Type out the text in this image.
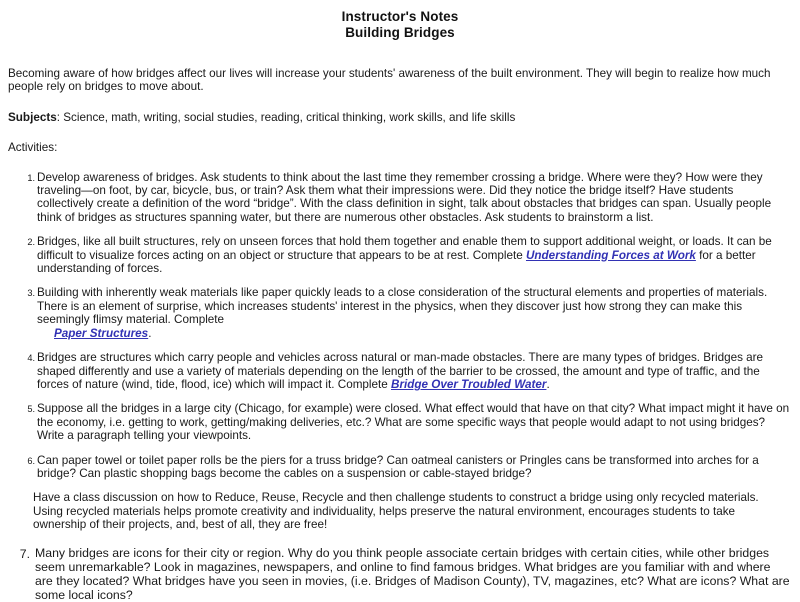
Instructor's Notes
Building Bridges

Becoming aware of how bridges affect our lives will increase your students' awareness of the built environment. They will begin to realize how much people rely on bridges to move about.

Subjects: Science, math, writing, social studies, reading, critical thinking, work skills, and life skills

Activities:

1. Develop awareness of bridges. Ask students to think about the last time they remember crossing a bridge. Where were they? How were they traveling—on foot, by car, bicycle, bus, or train? Ask them what their impressions were. Did they notice the bridge itself? Have students collectively create a definition of the word “bridge”. With the class definition in sight, talk about obstacles that bridges can span. Usually people think of bridges as structures spanning water, but there are numerous other obstacles. Ask students to brainstorm a list.
2. Bridges, like all built structures, rely on unseen forces that hold them together and enable them to support additional weight, or loads. It can be difficult to visualize forces acting on an object or structure that appears to be at rest. Complete Understanding Forces at Work for a better understanding of forces.
3. Building with inherently weak materials like paper quickly leads to a close consideration of the structural elements and properties of materials. There is an element of surprise, which increases students' interest in the physics, when they discover just how strong they can make this seemingly flimsy material. Complete
Paper Structures.
4. Bridges are structures which carry people and vehicles across natural or man-made obstacles. There are many types of bridges. Bridges are shaped differently and use a variety of materials depending on the length of the barrier to be crossed, the amount and type of traffic, and the forces of nature (wind, tide, flood, ice) which will impact it. Complete Bridge Over Troubled Water.
5. Suppose all the bridges in a large city (Chicago, for example) were closed. What effect would that have on that city? What impact might it have on the economy, i.e. getting to work, getting/making deliveries, etc.? What are some specific ways that people would adapt to not using bridges? Write a paragraph telling your viewpoints.
6. Can paper towel or toilet paper rolls be the piers for a truss bridge? Can oatmeal canisters or Pringles cans be transformed into arches for a bridge? Can plastic shopping bags become the cables on a suspension or cable-stayed bridge?
Have a class discussion on how to Reduce, Reuse, Recycle and then challenge students to construct a bridge using only recycled materials. Using recycled materials helps promote creativity and individuality, helps preserve the natural environment, encourages students to take ownership of their projects, and, best of all, they are free!
7. Many bridges are icons for their city or region. Why do you think people associate certain bridges with certain cities, while other bridges seem unremarkable? Look in magazines, newspapers, and online to find famous bridges. What bridges are you familiar with and where are they located? What bridges have you seen in movies, (i.e. Bridges of Madison County), TV, magazines, etc? What are icons? What are some local icons?
